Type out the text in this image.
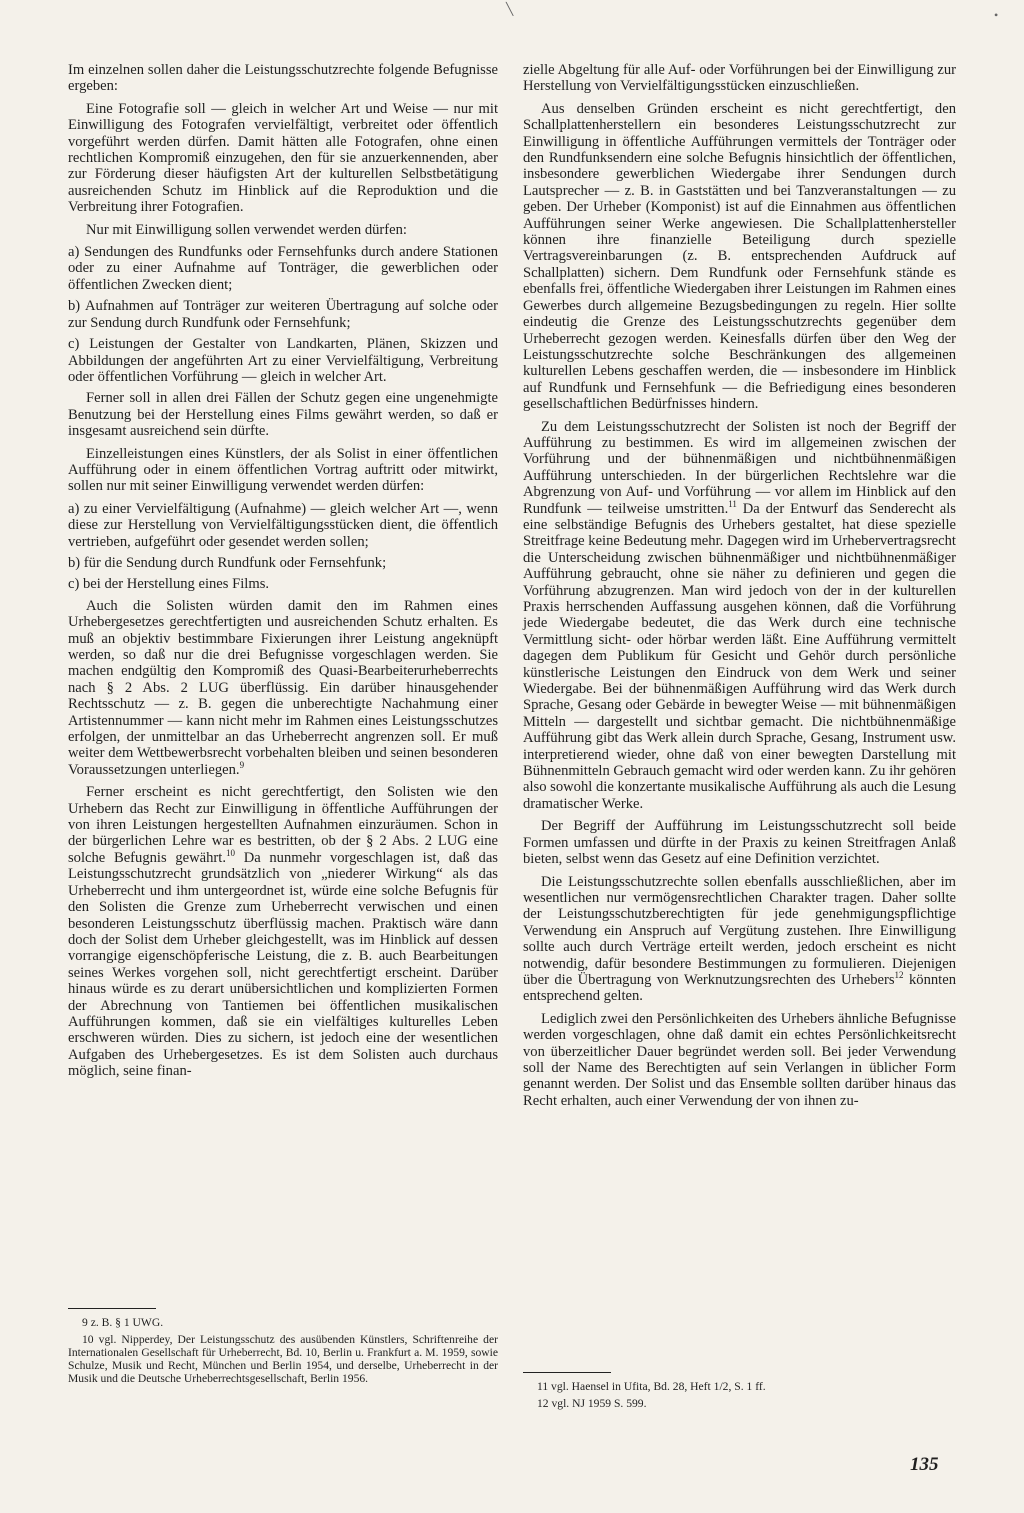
╲	•

Im einzelnen sollen daher die Leistungsschutzrechte folgende Befugnisse ergeben:

Eine Fotografie soll — gleich in welcher Art und Weise — nur mit Einwilligung des Fotografen vervielfältigt, verbreitet oder öffentlich vorgeführt werden dürfen. Damit hätten alle Fotografen, ohne einen rechtlichen Kompromiß einzugehen, den für sie anzuerkennenden, aber zur Förderung dieser häufigsten Art der kulturellen Selbstbetätigung ausreichenden Schutz im Hinblick auf die Reproduktion und die Verbreitung ihrer Fotografien.

Nur mit Einwilligung sollen verwendet werden dürfen:

a) Sendungen des Rundfunks oder Fernsehfunks durch andere Stationen oder zu einer Aufnahme auf Tonträger, die gewerblichen oder öffentlichen Zwecken dient;

b) Aufnahmen auf Tonträger zur weiteren Übertragung auf solche oder zur Sendung durch Rundfunk oder Fernsehfunk;

c) Leistungen der Gestalter von Landkarten, Plänen, Skizzen und Abbildungen der angeführten Art zu einer Vervielfältigung, Verbreitung oder öffentlichen Vorführung — gleich in welcher Art.

Ferner soll in allen drei Fällen der Schutz gegen eine ungenehmigte Benutzung bei der Herstellung eines Films gewährt werden, so daß er insgesamt ausreichend sein dürfte.

Einzelleistungen eines Künstlers, der als Solist in einer öffentlichen Aufführung oder in einem öffentlichen Vortrag auftritt oder mitwirkt, sollen nur mit seiner Einwilligung verwendet werden dürfen:

a) zu einer Vervielfältigung (Aufnahme) — gleich welcher Art —, wenn diese zur Herstellung von Vervielfältigungsstücken dient, die öffentlich vertrieben, aufgeführt oder gesendet werden sollen;

b) für die Sendung durch Rundfunk oder Fernsehfunk;

c) bei der Herstellung eines Films.

Auch die Solisten würden damit den im Rahmen eines Urhebergesetzes gerechtfertigten und ausreichenden Schutz erhalten. Es muß an objektiv bestimmbare Fixierungen ihrer Leistung angeknüpft werden, so daß nur die drei Befugnisse vorgeschlagen werden. Sie machen endgültig den Kompromiß des Quasi-Bearbeiterurheberrechts nach § 2 Abs. 2 LUG überflüssig. Ein darüber hinausgehender Rechtsschutz — z. B. gegen die unberechtigte Nachahmung einer Artistennummer — kann nicht mehr im Rahmen eines Leistungsschutzes erfolgen, der unmittelbar an das Urheberrecht angrenzen soll. Er muß weiter dem Wettbewerbsrecht vorbehalten bleiben und seinen besonderen Voraussetzungen unterliegen.$^9$

Ferner erscheint es nicht gerechtfertigt, den Solisten wie den Urhebern das Recht zur Einwilligung in öffentliche Aufführungen der von ihren Leistungen hergestellten Aufnahmen einzuräumen. Schon in der bürgerlichen Lehre war es bestritten, ob der § 2 Abs. 2 LUG eine solche Befugnis gewährt.$^{10}$ Da nunmehr vorgeschlagen ist, daß das Leistungsschutzrecht grundsätzlich von „niederer Wirkung“ als das Urheberrecht und ihm untergeordnet ist, würde eine solche Befugnis für den Solisten die Grenze zum Urheberrecht verwischen und einen besonderen Leistungsschutz überflüssig machen. Praktisch wäre dann doch der Solist dem Urheber gleichgestellt, was im Hinblick auf dessen vorrangige eigenschöpferische Leistung, die z. B. auch Bearbeitungen seines Werkes vorgehen soll, nicht gerechtfertigt erscheint. Darüber hinaus würde es zu derart unübersichtlichen und komplizierten Formen der Abrechnung von Tantiemen bei öffentlichen musikalischen Aufführungen kommen, daß sie ein vielfältiges kulturelles Leben erschweren würden. Dies zu sichern, ist jedoch eine der wesentlichen Aufgaben des Urhebergesetzes. Es ist dem Solisten auch durchaus möglich, seine finan-

9 z. B. § 1 UWG.

10 vgl. Nipperdey, Der Leistungsschutz des ausübenden Künstlers, Schriftenreihe der Internationalen Gesellschaft für Urheberrecht, Bd. 10, Berlin u. Frankfurt a. M. 1959, sowie Schulze, Musik und Recht, München und Berlin 1954, und derselbe, Urheberrecht in der Musik und die Deutsche Urheberrechtsgesellschaft, Berlin 1956.

zielle Abgeltung für alle Auf- oder Vorführungen bei der Einwilligung zur Herstellung von Vervielfältigungsstücken einzuschließen.

Aus denselben Gründen erscheint es nicht gerechtfertigt, den Schallplattenherstellern ein besonderes Leistungsschutzrecht zur Einwilligung in öffentliche Aufführungen vermittels der Tonträger oder den Rundfunksendern eine solche Befugnis hinsichtlich der öffentlichen, insbesondere gewerblichen Wiedergabe ihrer Sendungen durch Lautsprecher — z. B. in Gaststätten und bei Tanzveranstaltungen — zu geben. Der Urheber (Komponist) ist auf die Einnahmen aus öffentlichen Aufführungen seiner Werke angewiesen. Die Schallplattenhersteller können ihre finanzielle Beteiligung durch spezielle Vertragsvereinbarungen (z. B. entsprechenden Aufdruck auf Schallplatten) sichern. Dem Rundfunk oder Fernsehfunk stände es ebenfalls frei, öffentliche Wiedergaben ihrer Leistungen im Rahmen eines Gewerbes durch allgemeine Bezugsbedingungen zu regeln. Hier sollte eindeutig die Grenze des Leistungsschutzrechts gegenüber dem Urheberrecht gezogen werden. Keinesfalls dürfen über den Weg der Leistungsschutzrechte solche Beschränkungen des allgemeinen kulturellen Lebens geschaffen werden, die — insbesondere im Hinblick auf Rundfunk und Fernsehfunk — die Befriedigung eines besonderen gesellschaftlichen Bedürfnisses hindern.

Zu dem Leistungsschutzrecht der Solisten ist noch der Begriff der Aufführung zu bestimmen. Es wird im allgemeinen zwischen der Vorführung und der bühnenmäßigen und nichtbühnenmäßigen Aufführung unterschieden. In der bürgerlichen Rechtslehre war die Abgrenzung von Auf- und Vorführung — vor allem im Hinblick auf den Rundfunk — teilweise umstritten.$^{11}$ Da der Entwurf das Senderecht als eine selbständige Befugnis des Urhebers gestaltet, hat diese spezielle Streitfrage keine Bedeutung mehr. Dagegen wird im Urhebervertragsrecht die Unterscheidung zwischen bühnenmäßiger und nichtbühnenmäßiger Aufführung gebraucht, ohne sie näher zu definieren und gegen die Vorführung abzugrenzen. Man wird jedoch von der in der kulturellen Praxis herrschenden Auffassung ausgehen können, daß die Vorführung jede Wiedergabe bedeutet, die das Werk durch eine technische Vermittlung sicht- oder hörbar werden läßt. Eine Aufführung vermittelt dagegen dem Publikum für Gesicht und Gehör durch persönliche künstlerische Leistungen den Eindruck von dem Werk und seiner Wiedergabe. Bei der bühnenmäßigen Aufführung wird das Werk durch Sprache, Gesang oder Gebärde in bewegter Weise — mit bühnenmäßigen Mitteln — dargestellt und sichtbar gemacht. Die nichtbühnenmäßige Aufführung gibt das Werk allein durch Sprache, Gesang, Instrument usw. interpretierend wieder, ohne daß von einer bewegten Darstellung mit Bühnenmitteln Gebrauch gemacht wird oder werden kann. Zu ihr gehören also sowohl die konzertante musikalische Aufführung als auch die Lesung dramatischer Werke.

Der Begriff der Aufführung im Leistungsschutzrecht soll beide Formen umfassen und dürfte in der Praxis zu keinen Streitfragen Anlaß bieten, selbst wenn das Gesetz auf eine Definition verzichtet.

Die Leistungsschutzrechte sollen ebenfalls ausschließlichen, aber im wesentlichen nur vermögensrechtlichen Charakter tragen. Daher sollte der Leistungsschutzberechtigten für jede genehmigungspflichtige Verwendung ein Anspruch auf Vergütung zustehen. Ihre Einwilligung sollte auch durch Verträge erteilt werden, jedoch erscheint es nicht notwendig, dafür besondere Bestimmungen zu formulieren. Diejenigen über die Übertragung von Werknutzungsrechten des Urhebers$^{12}$ könnten entsprechend gelten.

Lediglich zwei den Persönlichkeiten des Urhebers ähnliche Befugnisse werden vorgeschlagen, ohne daß damit ein echtes Persönlichkeitsrecht von überzeitlicher Dauer begründet werden soll. Bei jeder Verwendung soll der Name des Berechtigten auf sein Verlangen in üblicher Form genannt werden. Der Solist und das Ensemble sollten darüber hinaus das Recht erhalten, auch einer Verwendung der von ihnen zu-

11 vgl. Haensel in Ufita, Bd. 28, Heft 1/2, S. 1 ff.

12 vgl. NJ 1959 S. 599.

135
